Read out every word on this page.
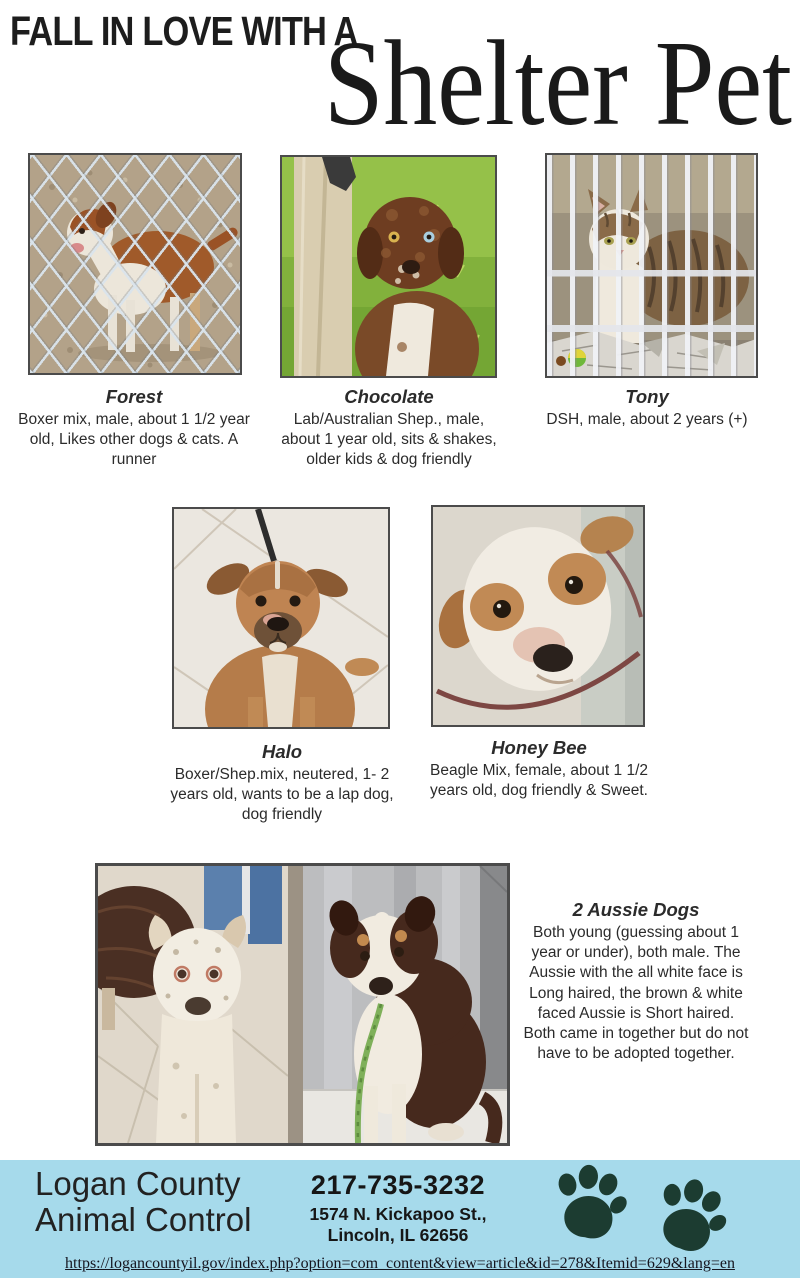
FALL IN LOVE WITH A
Shelter Pet
Forest
Boxer mix, male, about 1 1/2 year old, Likes other dogs & cats. A runner
Chocolate
Lab/Australian Shep., male, about 1 year old, sits & shakes, older kids & dog friendly
Tony
DSH, male, about 2 years (+)
Halo
Boxer/Shep.mix, neutered, 1- 2 years old, wants to be a lap dog, dog friendly
Honey Bee
Beagle Mix, female, about 1 1/2 years old, dog friendly & Sweet.
2 Aussie Dogs
Both young (guessing about 1 year or under), both male. The Aussie with the all white face is Long haired, the brown & white faced Aussie is Short haired. Both came in together but do not have to be adopted together.
Logan County
Animal Control
217-735-3232
1574 N. Kickapoo St.,
Lincoln, IL 62656
https://logancountyil.gov/index.php?option=com_content&view=article&id=278&Itemid=629&lang=en
